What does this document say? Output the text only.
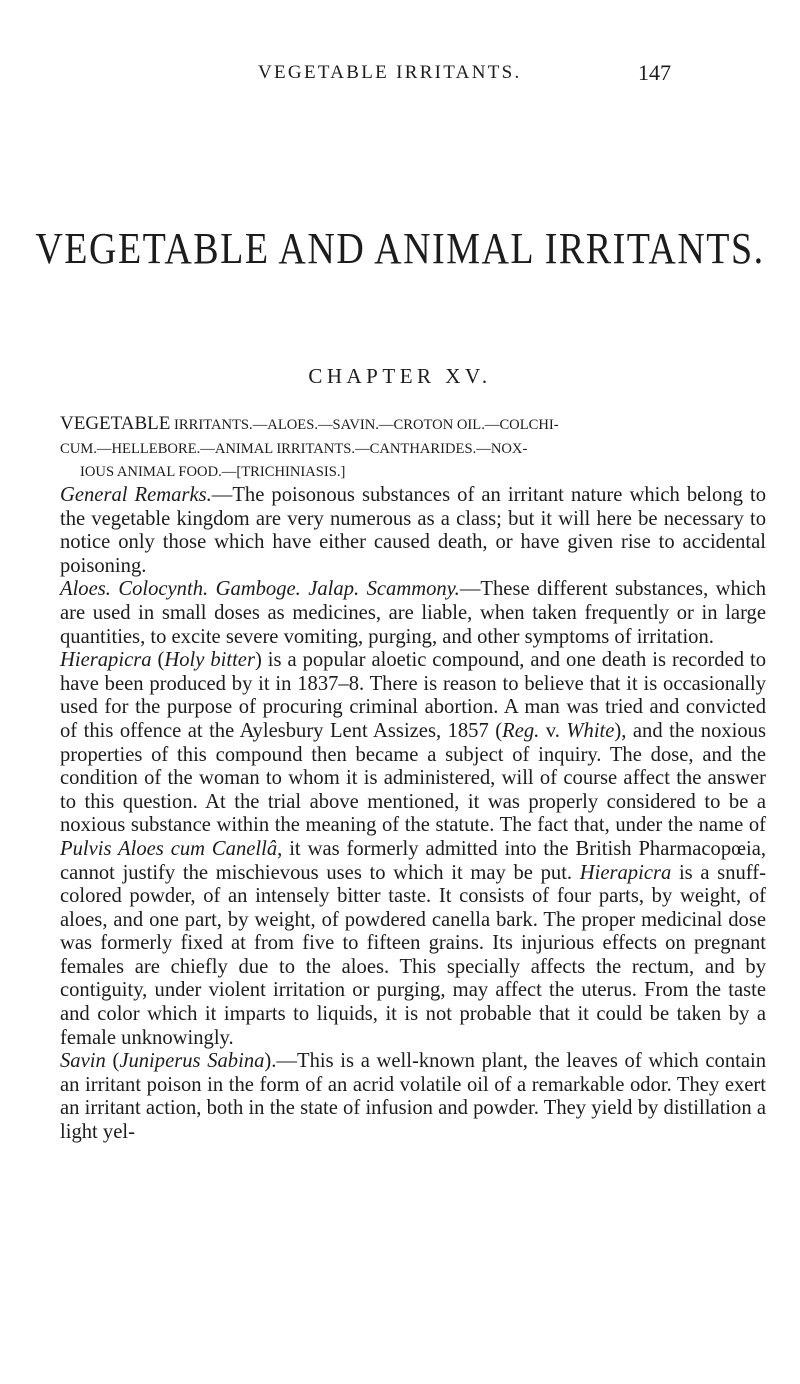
VEGETABLE IRRITANTS.	147
VEGETABLE AND ANIMAL IRRITANTS.
CHAPTER XV.
VEGETABLE IRRITANTS.—ALOES.—SAVIN.—CROTON OIL.—COLCHI-
CUM.—HELLEBORE.—ANIMAL IRRITANTS.—CANTHARIDES.—NOX-
IOUS ANIMAL FOOD.—[TRICHINIASIS.]

General Remarks.—The poisonous substances of an irritant nature which belong to the vegetable kingdom are very numerous as a class; but it will here be necessary to notice only those which have either caused death, or have given rise to accidental poisoning.

Aloes. Colocynth. Gamboge. Jalap. Scammony.—These different substances, which are used in small doses as medicines, are liable, when taken frequently or in large quantities, to excite severe vomiting, purging, and other symptoms of irritation.

Hierapicra (Holy bitter) is a popular aloetic compound, and one death is recorded to have been produced by it in 1837–8. There is reason to believe that it is occasionally used for the purpose of procuring criminal abortion. A man was tried and convicted of this offence at the Aylesbury Lent Assizes, 1857 (Reg. v. White), and the noxious properties of this compound then became a subject of inquiry. The dose, and the condition of the woman to whom it is administered, will of course affect the answer to this question. At the trial above mentioned, it was properly considered to be a noxious substance within the meaning of the statute. The fact that, under the name of Pulvis Aloes cum Canellâ, it was formerly admitted into the British Pharmacopœia, cannot justify the mischievous uses to which it may be put. Hierapicra is a snuff-colored powder, of an intensely bitter taste. It consists of four parts, by weight, of aloes, and one part, by weight, of powdered canella bark. The proper medicinal dose was formerly fixed at from five to fifteen grains. Its injurious effects on pregnant females are chiefly due to the aloes. This specially affects the rectum, and by contiguity, under violent irritation or purging, may affect the uterus. From the taste and color which it imparts to liquids, it is not probable that it could be taken by a female unknowingly.

Savin (Juniperus Sabina).—This is a well-known plant, the leaves of which contain an irritant poison in the form of an acrid volatile oil of a remarkable odor. They exert an irritant action, both in the state of infusion and powder. They yield by distillation a light yel-
